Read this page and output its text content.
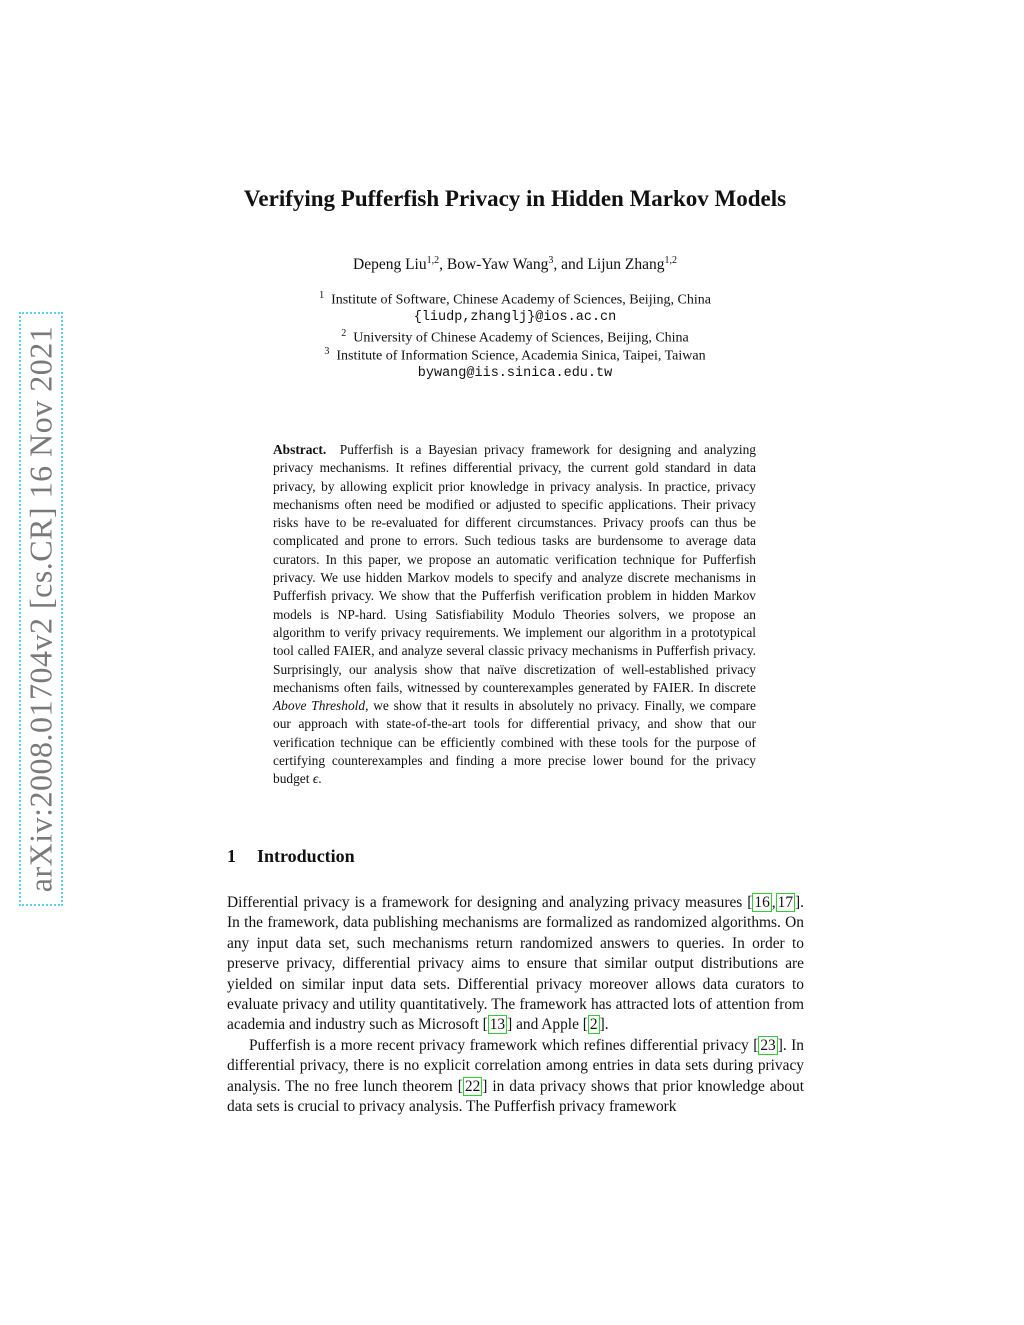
arXiv:2008.01704v2 [cs.CR] 16 Nov 2021
Verifying Pufferfish Privacy in Hidden Markov Models
Depeng Liu$^{1,2}$, Bow-Yaw Wang$^3$, and Lijun Zhang$^{1,2}$
$^1$ Institute of Software, Chinese Academy of Sciences, Beijing, China
{liudp,zhanglj}@ios.ac.cn
$^2$ University of Chinese Academy of Sciences, Beijing, China
$^3$ Institute of Information Science, Academia Sinica, Taipei, Taiwan
bywang@iis.sinica.edu.tw
Abstract. Pufferfish is a Bayesian privacy framework for designing and analyzing privacy mechanisms. It refines differential privacy, the current gold standard in data privacy, by allowing explicit prior knowledge in privacy analysis. In practice, privacy mechanisms often need be modified or adjusted to specific applications. Their privacy risks have to be re-evaluated for different circumstances. Privacy proofs can thus be complicated and prone to errors. Such tedious tasks are burdensome to average data curators. In this paper, we propose an automatic verification technique for Pufferfish privacy. We use hidden Markov models to specify and analyze discrete mechanisms in Pufferfish privacy. We show that the Pufferfish verification problem in hidden Markov models is NP-hard. Using Satisfiability Modulo Theories solvers, we propose an algorithm to verify privacy requirements. We implement our algorithm in a prototypical tool called FAIER, and analyze several classic privacy mechanisms in Pufferfish privacy. Surprisingly, our analysis show that naïve discretization of well-established privacy mechanisms often fails, witnessed by counterexamples generated by FAIER. In discrete Above Threshold, we show that it results in absolutely no privacy. Finally, we compare our approach with state-of-the-art tools for differential privacy, and show that our verification technique can be efficiently combined with these tools for the purpose of certifying counterexamples and finding a more precise lower bound for the privacy budget ϵ.
1 Introduction

Differential privacy is a framework for designing and analyzing privacy measures [ 16 , 17 ]. In the framework, data publishing mechanisms are formalized as randomized algorithms. On any input data set, such mechanisms return randomized answers to queries. In order to preserve privacy, differential privacy aims to ensure that similar output distributions are yielded on similar input data sets. Differential privacy moreover allows data curators to evaluate privacy and utility quantitatively. The framework has attracted lots of attention from academia and industry such as Microsoft [ 13 ] and Apple [ 2 ].

Pufferfish is a more recent privacy framework which refines differential privacy [ 23 ]. In differential privacy, there is no explicit correlation among entries in data sets during privacy analysis. The no free lunch theorem [ 22 ] in data privacy shows that prior knowledge about data sets is crucial to privacy analysis. The Pufferfish privacy framework
